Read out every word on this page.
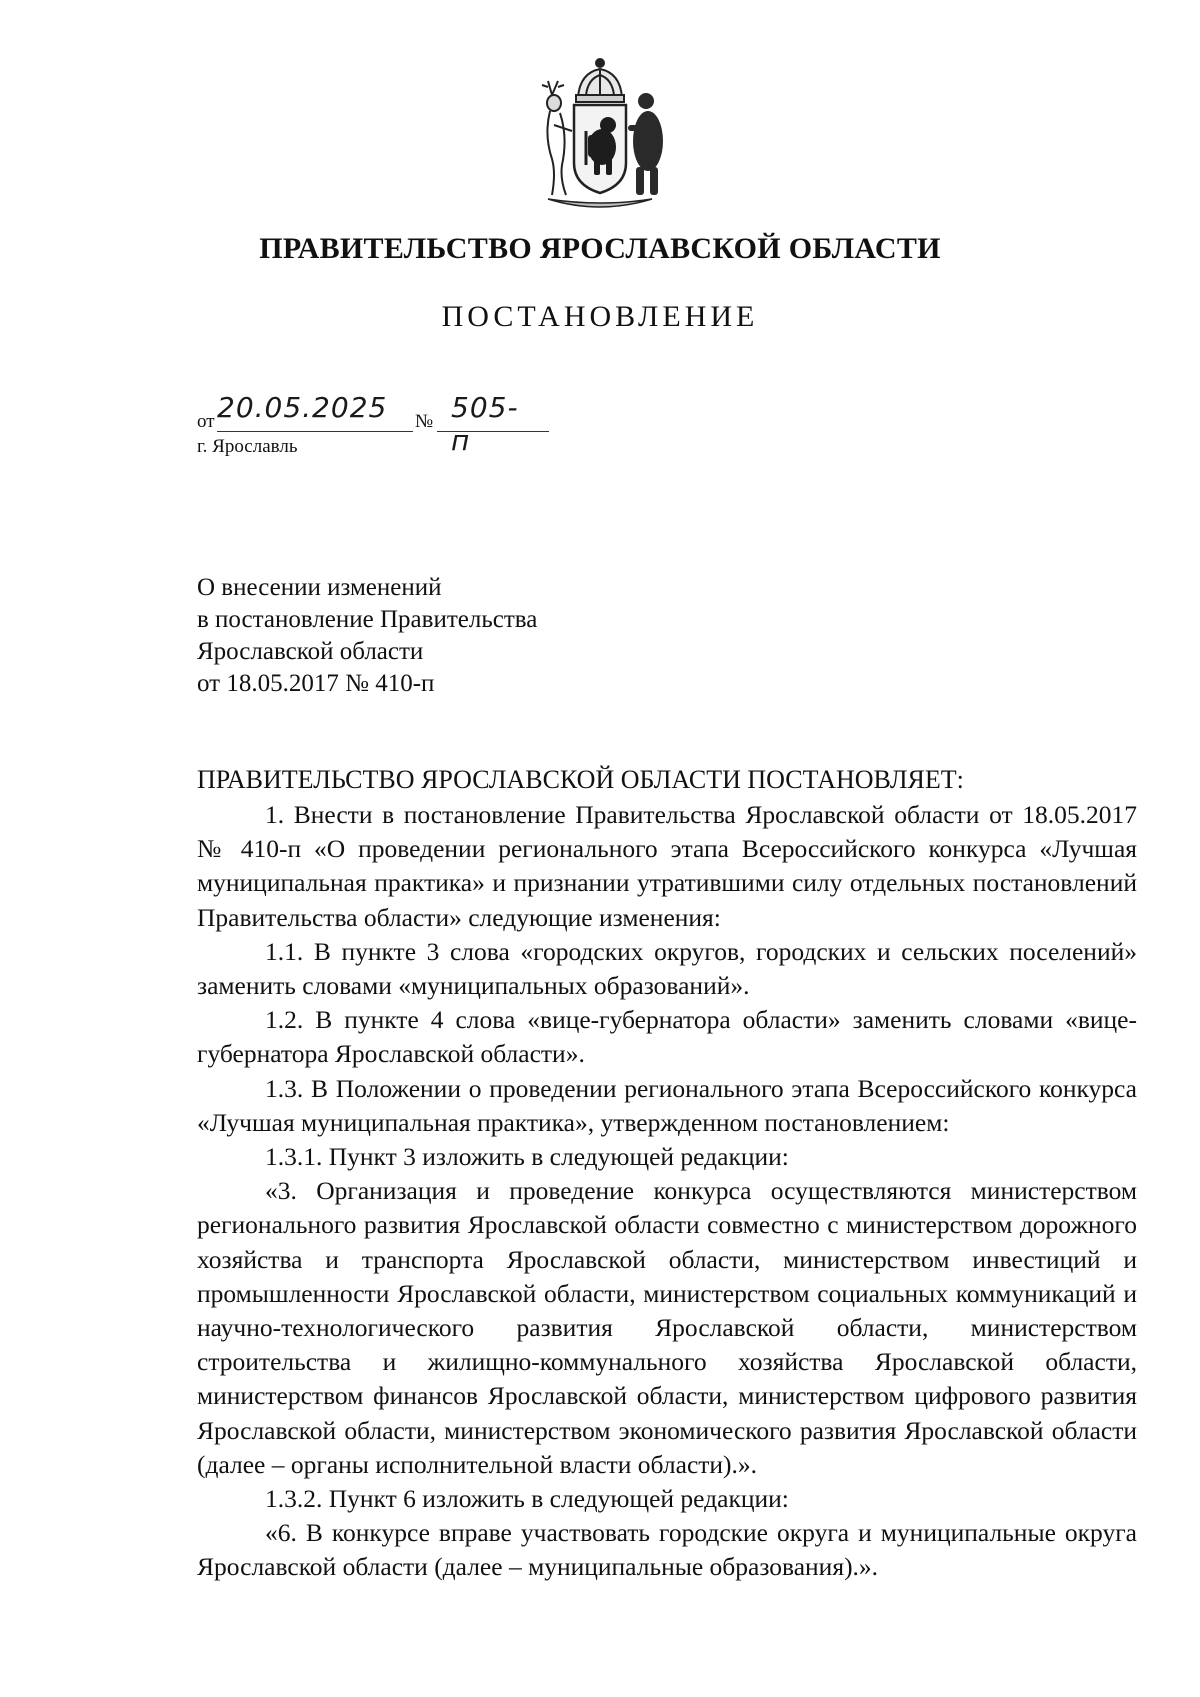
ПРАВИТЕЛЬСТВО ЯРОСЛАВСКОЙ ОБЛАСТИ
ПОСТАНОВЛЕНИЕ
от 20.05.2025 № 505-п
г. Ярославль
О внесении изменений
в постановление Правительства
Ярославской области
от 18.05.2017 № 410-п
ПРАВИТЕЛЬСТВО ЯРОСЛАВСКОЙ ОБЛАСТИ ПОСТАНОВЛЯЕТ:

1. Внести в постановление Правительства Ярославской области от 18.05.2017 № 410-п «О проведении регионального этапа Всероссийского конкурса «Лучшая муниципальная практика» и признании утратившими силу отдельных постановлений Правительства области» следующие изменения:

1.1. В пункте 3 слова «городских округов, городских и сельских поселений» заменить словами «муниципальных образований».

1.2. В пункте 4 слова «вице-губернатора области» заменить словами «вице-губернатора Ярославской области».

1.3. В Положении о проведении регионального этапа Всероссийского конкурса «Лучшая муниципальная практика», утвержденном постановлением:

1.3.1. Пункт 3 изложить в следующей редакции:

«3. Организация и проведение конкурса осуществляются министерством регионального развития Ярославской области совместно с министерством дорожного хозяйства и транспорта Ярославской области, министерством инвестиций и промышленности Ярославской области, министерством социальных коммуникаций и научно-технологического развития Ярославской области, министерством строительства и жилищно-коммунального хозяйства Ярославской области, министерством финансов Ярославской области, министерством цифрового развития Ярославской области, министерством экономического развития Ярославской области (далее – органы исполнительной власти области).».

1.3.2. Пункт 6 изложить в следующей редакции:

«6. В конкурсе вправе участвовать городские округа и муниципальные округа Ярославской области (далее – муниципальные образования).».
